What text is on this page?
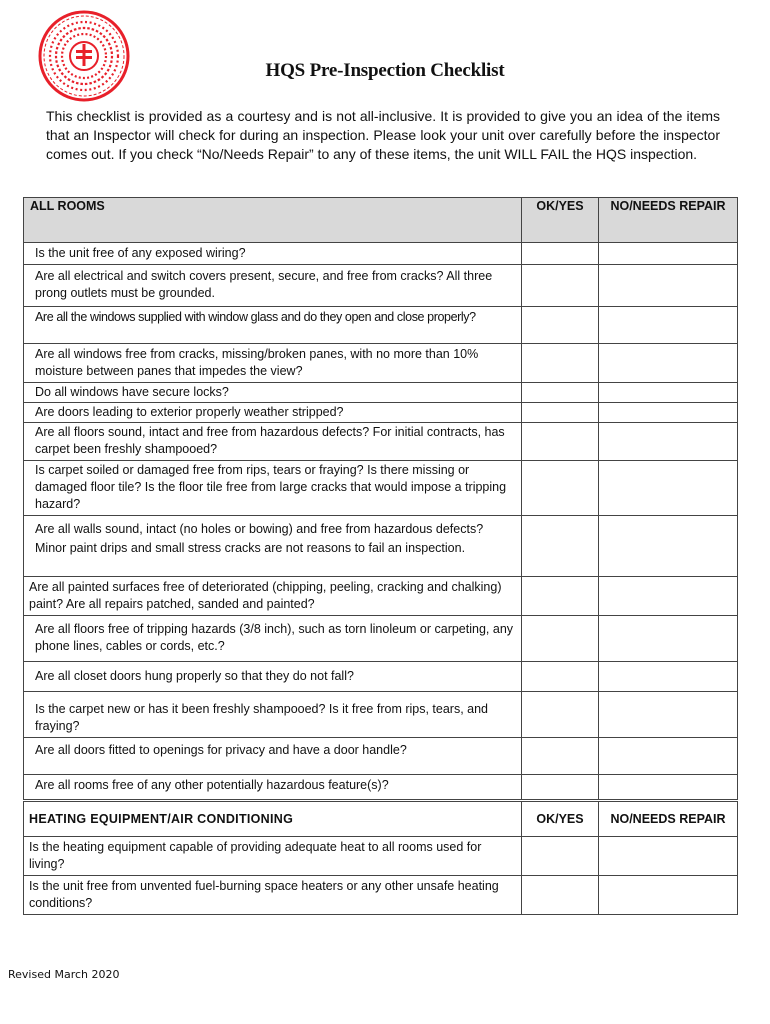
HQS Pre-Inspection Checklist
This checklist is provided as a courtesy and is not all-inclusive. It is provided to give you an idea of the items that an Inspector will check for during an inspection. Please look your unit over carefully before the inspector comes out. If you check “No/Needs Repair” to any of these items, the unit WILL FAIL the HQS inspection.
ALL ROOMS	OK/YES	NO/NEEDS REPAIR
Is the unit free of any exposed wiring?		
Are all electrical and switch covers present, secure, and free from cracks? All three prong outlets must be grounded.		
Are all the windows supplied with window glass and do they open and close properly?		
Are all windows free from cracks, missing/broken panes, with no more than 10% moisture between panes that impedes the view?		
Do all windows have secure locks?		
Are doors leading to exterior properly weather stripped?		
Are all floors sound, intact and free from hazardous defects? For initial contracts, has carpet been freshly shampooed?		
Is carpet soiled or damaged free from rips, tears or fraying? Is there missing or damaged floor tile? Is the floor tile free from large cracks that would impose a tripping hazard?		
Are all walls sound, intact (no holes or bowing) and free from hazardous defects? Minor paint drips and small stress cracks are not reasons to fail an inspection.		
Are all painted surfaces free of deteriorated (chipping, peeling, cracking and chalking) paint? Are all repairs patched, sanded and painted?		
Are all floors free of tripping hazards (3/8 inch), such as torn linoleum or carpeting, any phone lines, cables or cords, etc.?		
Are all closet doors hung properly so that they do not fall?		
Is the carpet new or has it been freshly shampooed? Is it free from rips, tears, and fraying?		
Are all doors fitted to openings for privacy and have a door handle?		
Are all rooms free of any other potentially hazardous feature(s)?		
HEATING EQUIPMENT/AIR CONDITIONING	OK/YES	NO/NEEDS REPAIR
Is the heating equipment capable of providing adequate heat to all rooms used for living?		
Is the unit free from unvented fuel-burning space heaters or any other unsafe heating conditions?		
Revised March 2020
